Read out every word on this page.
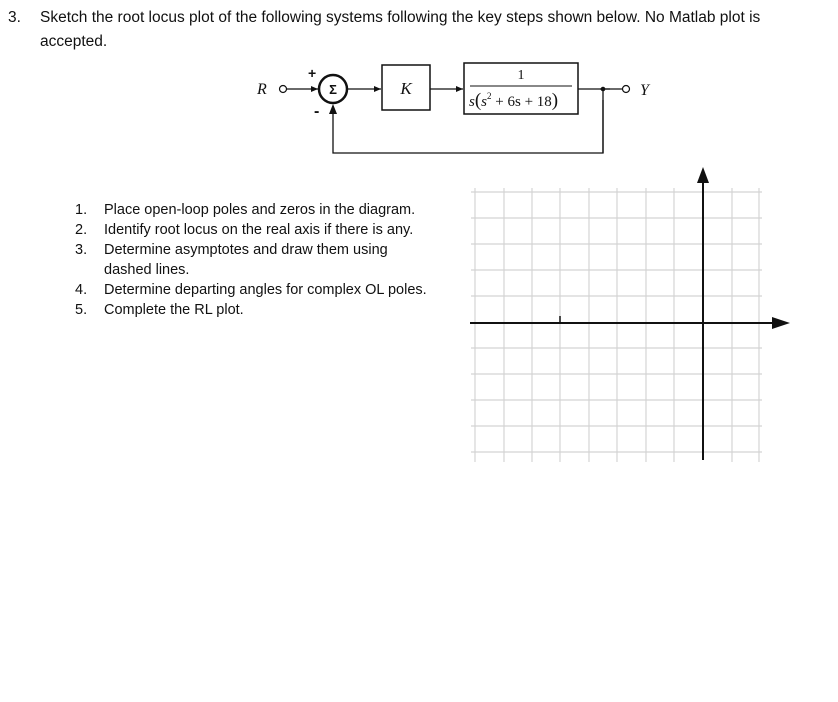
3. Sketch the root locus plot of the following systems following the key steps shown below. No Matlab plot is accepted.
R	Σ
+
-
K
1
$s(s^2 + 6s + 18)$	Y
1. Place open-loop poles and zeros in the diagram.
2. Identify root locus on the real axis if there is any.
3. Determine asymptotes and draw them using
dashed lines.
4. Determine departing angles for complex OL poles.
5. Complete the RL plot.
